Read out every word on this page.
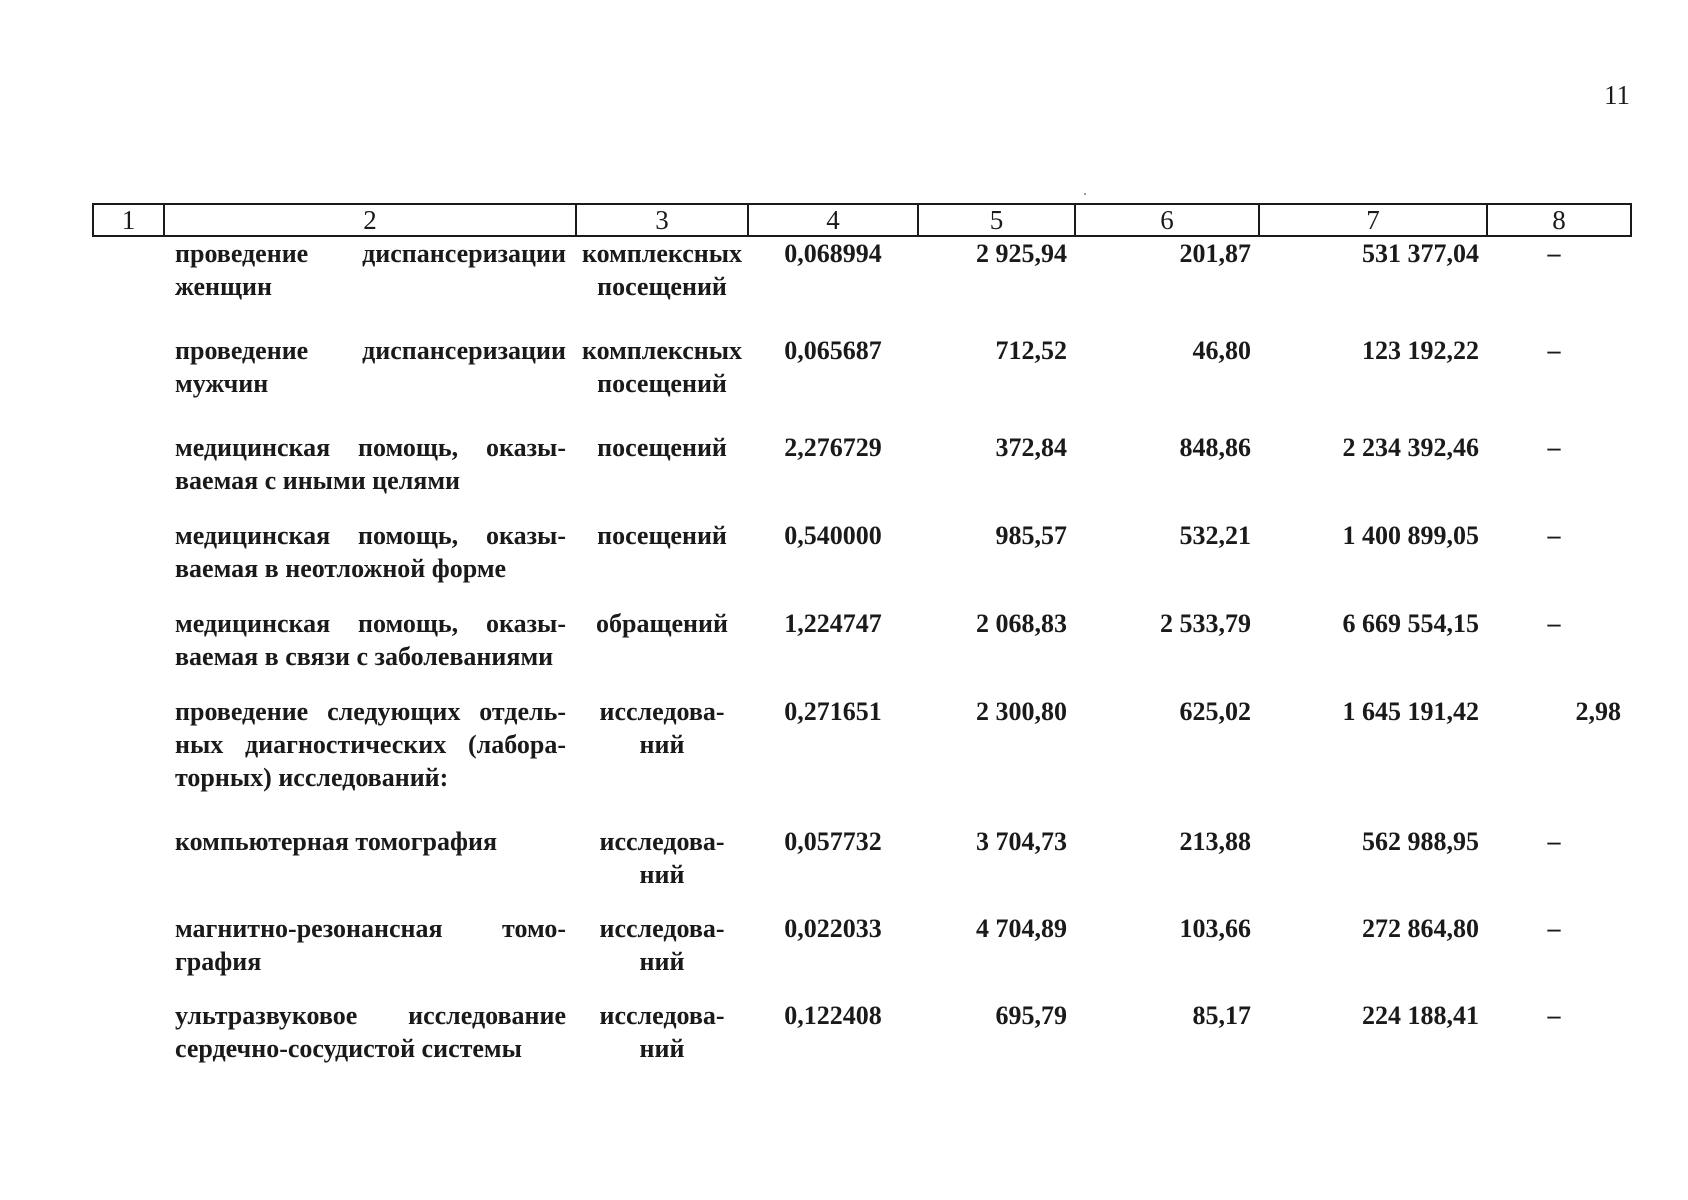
11
1	2	3	4	5	6	7	8
	проведение диспансеризации женщин	комплексных посещений	0,068994	2 925,94	201,87	531 377,04	–
	проведение диспансеризации мужчин	комплексных посещений	0,065687	712,52	46,80	123 192,22	–
	медицинская помощь, оказы-ваемая с иными целями	посещений	2,276729	372,84	848,86	2 234 392,46	–
	медицинская помощь, оказы-ваемая в неотложной форме	посещений	0,540000	985,57	532,21	1 400 899,05	–
	медицинская помощь, оказы-ваемая в связи с заболеваниями	обращений	1,224747	2 068,83	2 533,79	6 669 554,15	–
	проведение следующих отдель-ных диагностических (лабора-торных) исследований:	исследова-ний	0,271651	2 300,80	625,02	1 645 191,42	2,98
	компьютерная томография	исследова-ний	0,057732	3 704,73	213,88	562 988,95	–
	магнитно-резонансная томо-графия	исследова-ний	0,022033	4 704,89	103,66	272 864,80	–
	ультразвуковое исследование сердечно-сосудистой системы	исследова-ний	0,122408	695,79	85,17	224 188,41	–
